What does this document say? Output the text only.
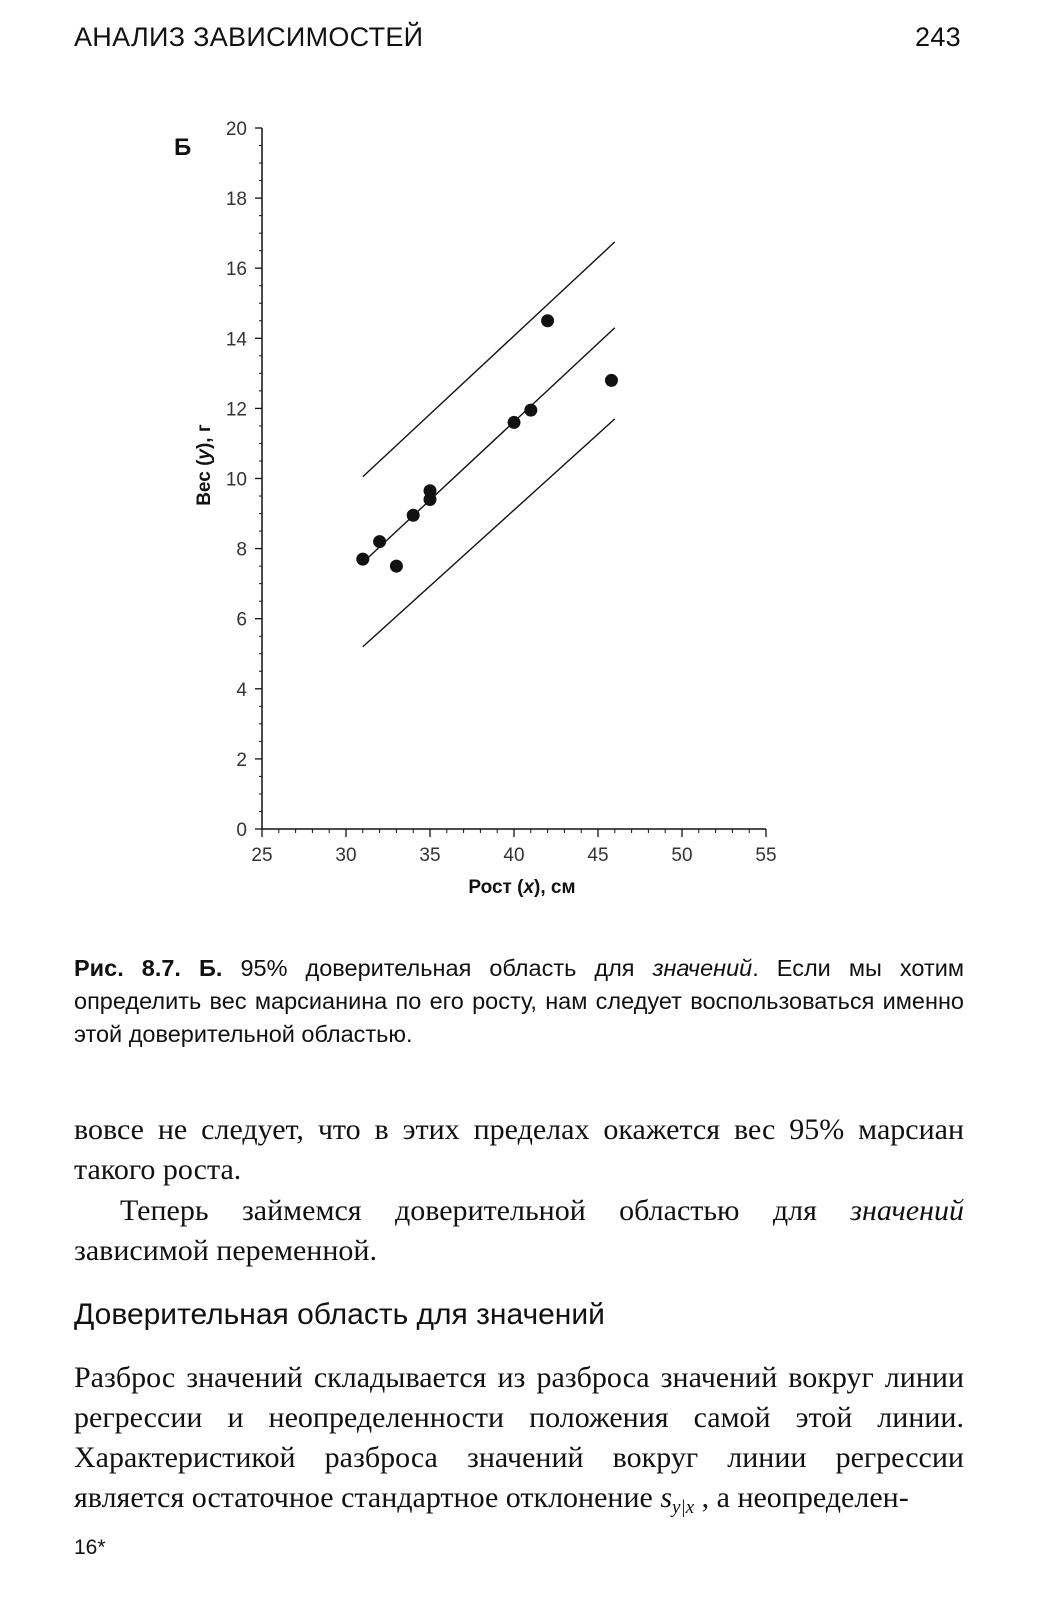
АНАЛИЗ ЗАВИСИМОСТЕЙ	243
0
2
4
6
8
10
12
14
16
18
20
25	30	35	40	45	50	55
Б
Рост (x), см
Вес (y), г
Рис. 8.7. Б. 95% доверительная область для значений. Если мы хотим определить вес марсианина по его росту, нам следует воспользоваться именно этой доверительной областью.
вовсе не следует, что в этих пределах окажется вес 95% марсиан такого роста.
Теперь займемся доверительной областью для значений зависимой переменной.
Доверительная область для значений
Разброс значений складывается из разброса значений вокруг линии регрессии и неопределенности положения самой этой линии. Характеристикой разброса значений вокруг линии регрессии является остаточное стандартное отклонение $s_{y|x}$ , а неопределен-
16*
